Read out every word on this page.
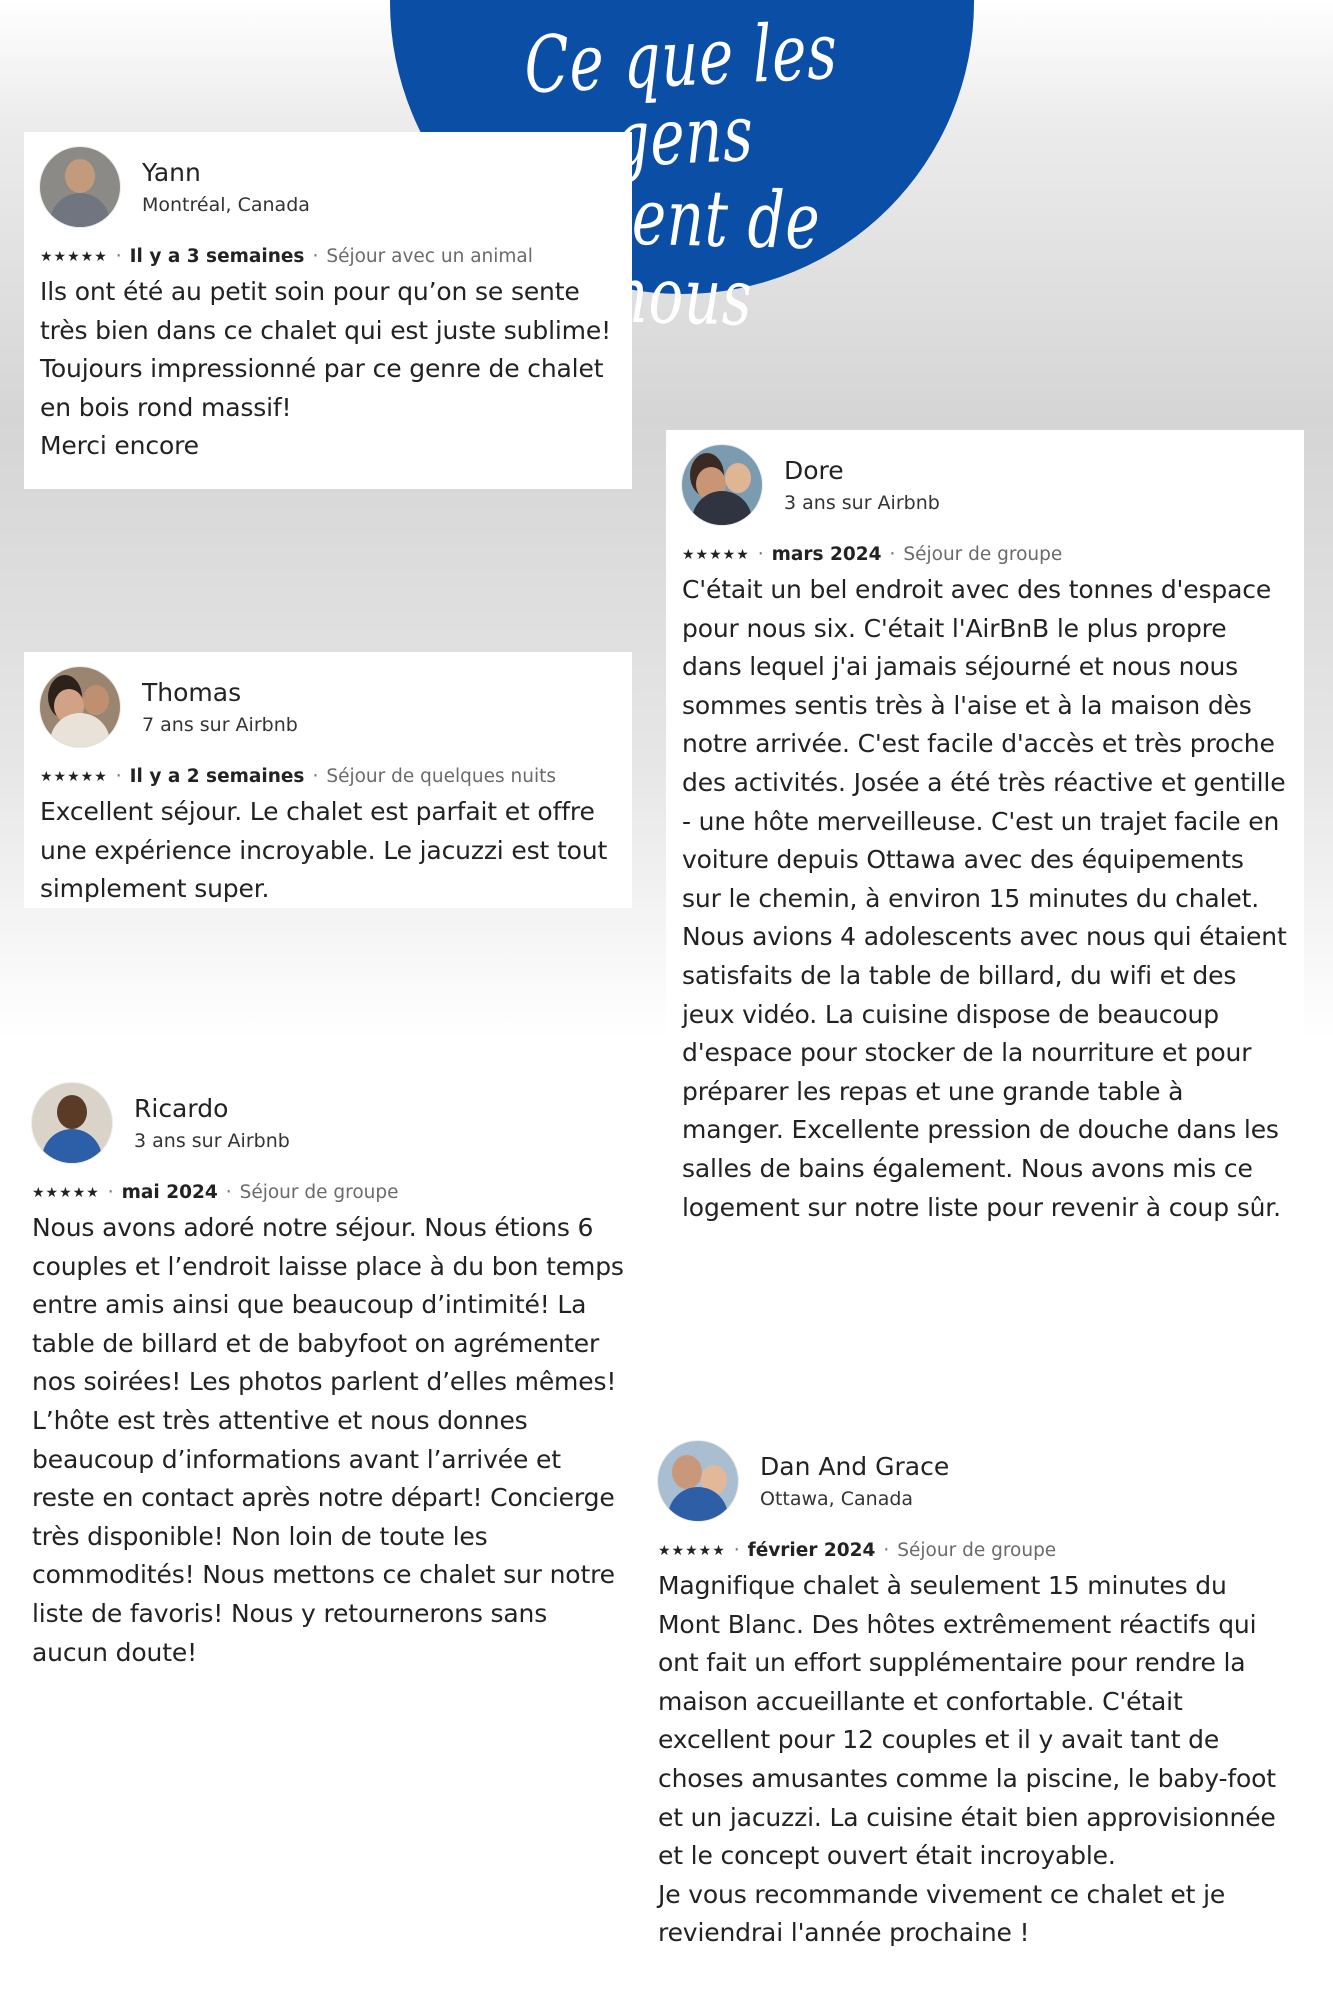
Ce que les gens
disent de nous
Yann
Montréal, Canada
★★★★★ · Il y a 3 semaines · Séjour avec un animal
Ils ont été au petit soin pour qu’on se sente très bien dans ce chalet qui est juste sublime!
Toujours impressionné par ce genre de chalet en bois rond massif!
Merci encore
Dore
3 ans sur Airbnb
★★★★★ · mars 2024 · Séjour de groupe
C'était un bel endroit avec des tonnes d'espace pour nous six. C'était l'AirBnB le plus propre dans lequel j'ai jamais séjourné et nous nous sommes sentis très à l'aise et à la maison dès notre arrivée. C'est facile d'accès et très proche des activités. Josée a été très réactive et gentille - une hôte merveilleuse. C'est un trajet facile en voiture depuis Ottawa avec des équipements sur le chemin, à environ 15 minutes du chalet. Nous avions 4 adolescents avec nous qui étaient satisfaits de la table de billard, du wifi et des jeux vidéo. La cuisine dispose de beaucoup d'espace pour stocker de la nourriture et pour préparer les repas et une grande table à manger. Excellente pression de douche dans les salles de bains également. Nous avons mis ce logement sur notre liste pour revenir à coup sûr.
Thomas
7 ans sur Airbnb
★★★★★ · Il y a 2 semaines · Séjour de quelques nuits
Excellent séjour. Le chalet est parfait et offre une expérience incroyable. Le jacuzzi est tout simplement super.
Ricardo
3 ans sur Airbnb
★★★★★ · mai 2024 · Séjour de groupe
Nous avons adoré notre séjour. Nous étions 6 couples et l’endroit laisse place à du bon temps entre amis ainsi que beaucoup d’intimité! La table de billard et de babyfoot on agrémenter nos soirées! Les photos parlent d’elles mêmes! L’hôte est très attentive et nous donnes beaucoup d’informations avant l’arrivée et reste en contact après notre départ! Concierge très disponible! Non loin de toute les commodités! Nous mettons ce chalet sur notre liste de favoris! Nous y retournerons sans aucun doute!
Dan And Grace
Ottawa, Canada
★★★★★ · février 2024 · Séjour de groupe
Magnifique chalet à seulement 15 minutes du Mont Blanc. Des hôtes extrêmement réactifs qui ont fait un effort supplémentaire pour rendre la maison accueillante et confortable. C'était excellent pour 12 couples et il y avait tant de choses amusantes comme la piscine, le baby-foot et un jacuzzi. La cuisine était bien approvisionnée et le concept ouvert était incroyable.
Je vous recommande vivement ce chalet et je reviendrai l'année prochaine !
